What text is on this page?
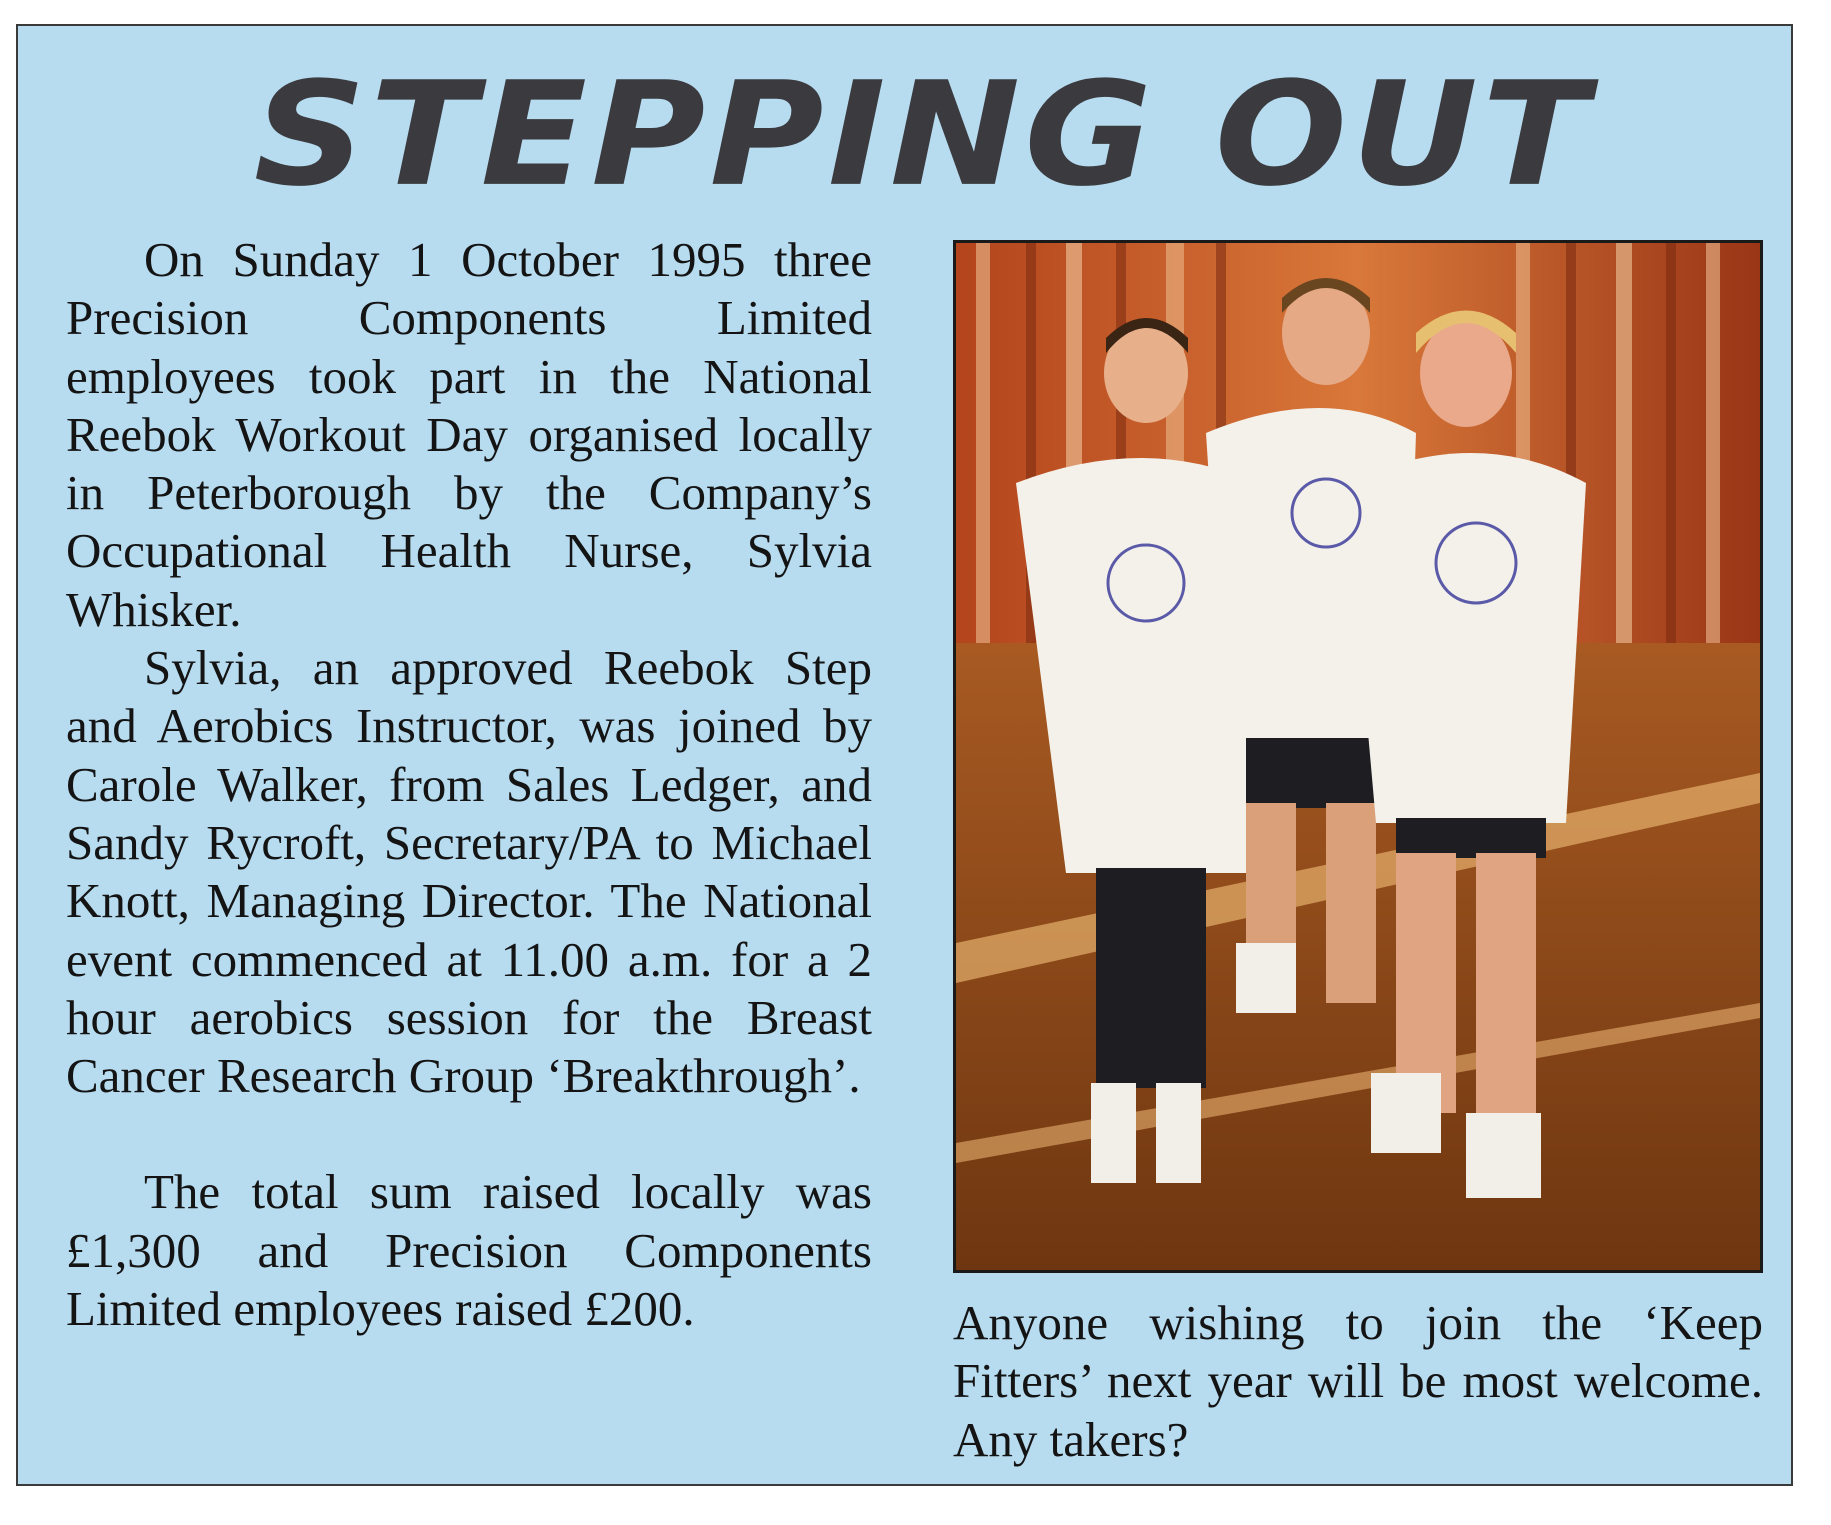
STEPPING OUT

On Sunday 1 October 1995 three Precision Components Limited employees took part in the National Reebok Workout Day organised locally in Peterborough by the Company’s Occupational Health Nurse, Sylvia Whisker.

Sylvia, an approved Reebok Step and Aerobics Instructor, was joined by Carole Walker, from Sales Ledger, and Sandy Rycroft, Secretary/PA to Michael Knott, Managing Director. The National event commenced at 11.00 a.m. for a 2 hour aerobics session for the Breast Cancer Research Group ‘Breakthrough’.

The total sum raised locally was £1,300 and Precision Components Limited employees raised £200.	Anyone wishing to join the ‘Keep Fitters’ next year will be most welcome. Any takers?
